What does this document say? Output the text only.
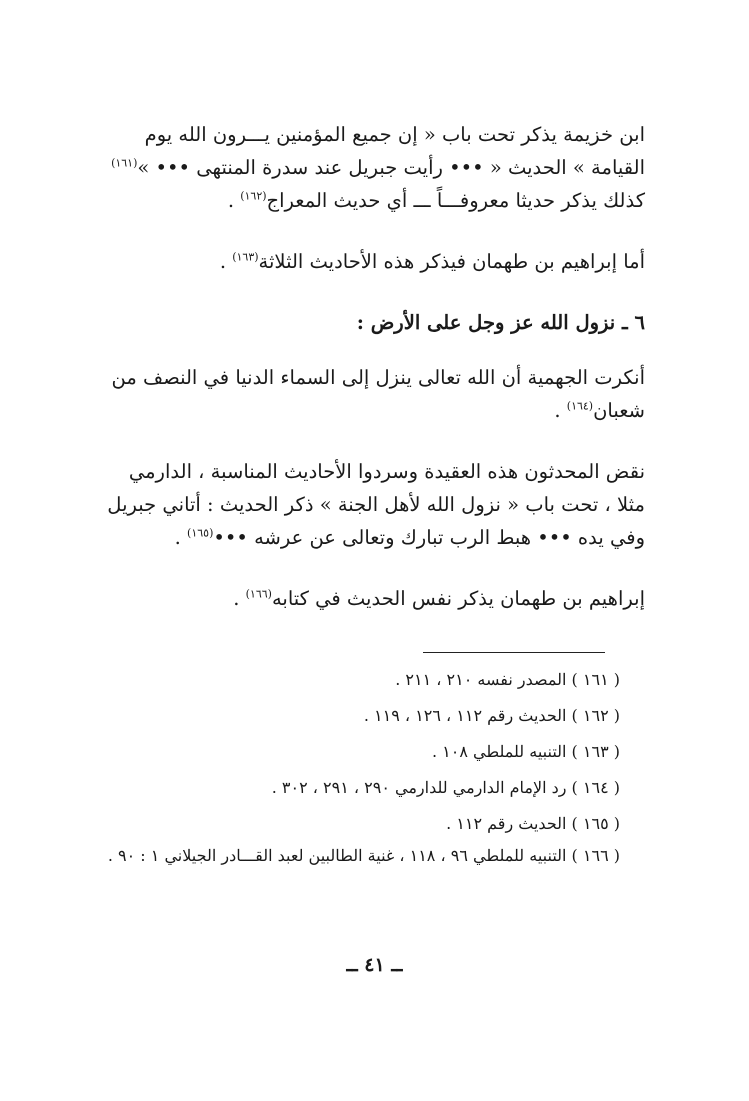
ابن خزيمة يذكر تحت باب « إن جميع المؤمنين يـــرون الله يوم
القيامة » الحديث « ••• رأيت جبريل عند سدرة المنتهى ••• »$^{(١٦١)}$
كذلك يذكر حديثا معروفـــاً ـــ أي حديث المعراج$^{(١٦٢)}$ .

أما إبراهيم بن طهمان فيذكر هذه الأحاديث الثلاثة$^{(١٦٣)}$ .

٦ ـ نزول الله عز وجل على الأرض :

أنكرت الجهمية أن الله تعالى ينزل إلى السماء الدنيا في النصف من
شعبان$^{(١٦٤)}$ .

نقض المحدثون هذه العقيدة وسردوا الأحاديث المناسبة ، الدارمي
مثلا ، تحت باب « نزول الله لأهل الجنة » ذكر الحديث : أتاني جبريل
وفي يده ••• هبط الرب تبارك وتعالى عن عرشه •••$^{(١٦٥)}$ .

إبراهيم بن طهمان يذكر نفس الحديث في كتابه$^{(١٦٦)}$ .

( ١٦١ ) المصدر نفسه ٢١٠ ، ٢١١ .

( ١٦٢ ) الحديث رقم ١١٢ ، ١٢٦ ، ١١٩ .

( ١٦٣ ) التنبيه للملطي ١٠٨ .

( ١٦٤ ) رد الإمام الدارمي للدارمي ٢٩٠ ، ٢٩١ ، ٣٠٢ .

( ١٦٥ ) الحديث رقم ١١٢ .

( ١٦٦ ) التنبيه للملطي ٩٦ ، ١١٨ ، غنية الطالبين لعبد القـــادر الجيلاني ١ : ٩٠ .

ــ ٤١ ــ
